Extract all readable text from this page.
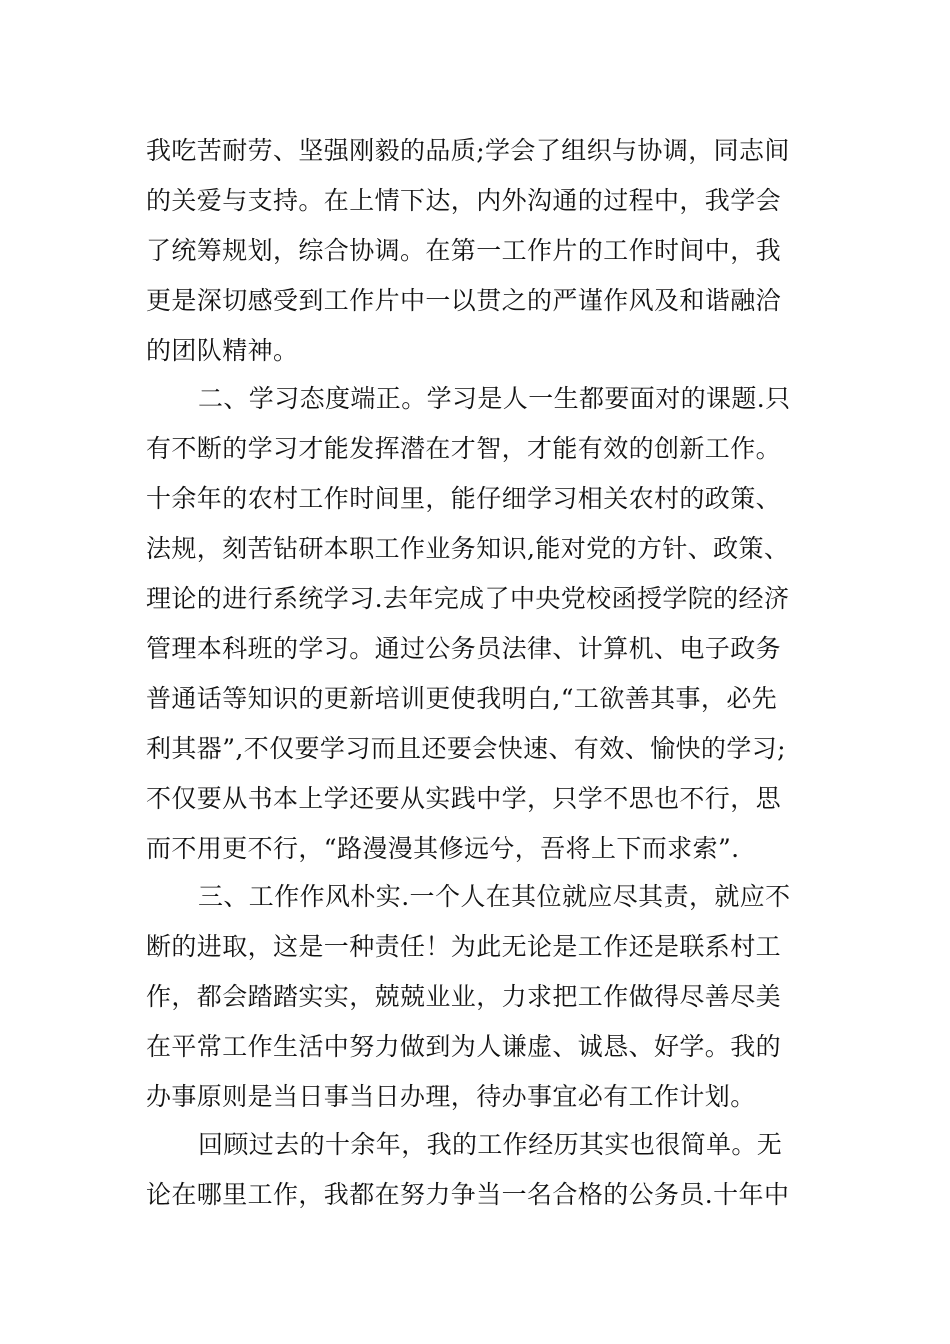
我吃苦耐劳、坚强刚毅的品质;学会了组织与协调，同志间
的关爱与支持。在上情下达，内外沟通的过程中，我学会
了统筹规划，综合协调。在第一工作片的工作时间中，我
更是深切感受到工作片中一以贯之的严谨作风及和谐融洽
的团队精神。
二、学习态度端正。学习是人一生都要面对的课题.只
有不断的学习才能发挥潜在才智，才能有效的创新工作。
十余年的农村工作时间里，能仔细学习相关农村的政策、
法规，刻苦钻研本职工作业务知识,能对党的方针、政策、
理论的进行系统学习.去年完成了中央党校函授学院的经济
管理本科班的学习。通过公务员法律、计算机、电子政务
普通话等知识的更新培训更使我明白,“工欲善其事，必先
利其器”,不仅要学习而且还要会快速、有效、愉快的学习;
不仅要从书本上学还要从实践中学，只学不思也不行，思
而不用更不行，“路漫漫其修远兮，吾将上下而求索”.
三、工作作风朴实.一个人在其位就应尽其责，就应不
断的进取，这是一种责任！为此无论是工作还是联系村工
作，都会踏踏实实，兢兢业业，力求把工作做得尽善尽美
在平常工作生活中努力做到为人谦虚、诚恳、好学。我的
办事原则是当日事当日办理，待办事宜必有工作计划。
回顾过去的十余年，我的工作经历其实也很简单。无
论在哪里工作，我都在努力争当一名合格的公务员.十年中
